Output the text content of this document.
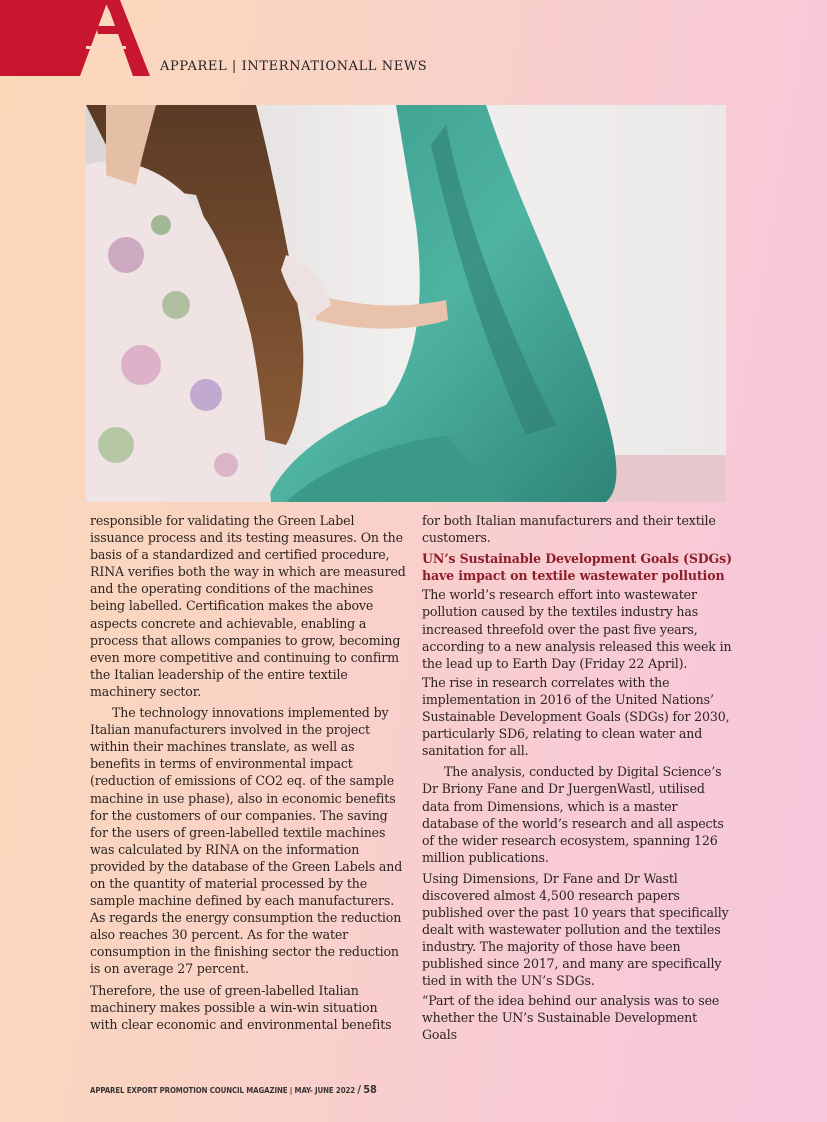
APPAREL | INTERNATIONALL NEWS

responsible for validating the Green Label issuance process and its testing measures. On the basis of a standardized and certified procedure, RINA verifies both the way in which are measured and the operating conditions of the machines being labelled. Certification makes the above aspects concrete and achievable, enabling a process that allows companies to grow, becoming even more competitive and continuing to confirm the Italian leadership of the entire textile machinery sector.

The technology innovations implemented by Italian manufacturers involved in the project within their machines translate, as well as benefits in terms of environmental impact (reduction of emissions of CO2 eq. of the sample machine in use phase), also in economic benefits for the customers of our companies. The saving for the users of green-labelled textile machines was calculated by RINA on the information provided by the database of the Green Labels and on the quantity of material processed by the sample machine defined by each manufacturers. As regards the energy consumption the reduction also reaches 30 percent. As for the water consumption in the finishing sector the reduction is on average 27 percent.

Therefore, the use of green-labelled Italian machinery makes possible a win-win situation with clear economic and environmental benefits

for both Italian manufacturers and their textile customers.

UN’s Sustainable Development Goals (SDGs) have impact on textile wastewater pollution

The world’s research effort into wastewater pollution caused by the textiles industry has increased threefold over the past five years, according to a new analysis released this week in the lead up to Earth Day (Friday 22 April).

The rise in research correlates with the implementation in 2016 of the United Nations’ Sustainable Development Goals (SDGs) for 2030, particularly SD6, relating to clean water and sanitation for all.

The analysis, conducted by Digital Science’s Dr Briony Fane and Dr JuergenWastl, utilised data from Dimensions, which is a master database of the world’s research and all aspects of the wider research ecosystem, spanning 126 million publications.

Using Dimensions, Dr Fane and Dr Wastl discovered almost 4,500 research papers published over the past 10 years that specifically dealt with wastewater pollution and the textiles industry. The majority of those have been published since 2017, and many are specifically tied in with the UN’s SDGs.

“Part of the idea behind our analysis was to see whether the UN’s Sustainable Development Goals

APPAREL EXPORT PROMOTION COUNCIL MAGAZINE | MAY- JUNE 2022 / 58
